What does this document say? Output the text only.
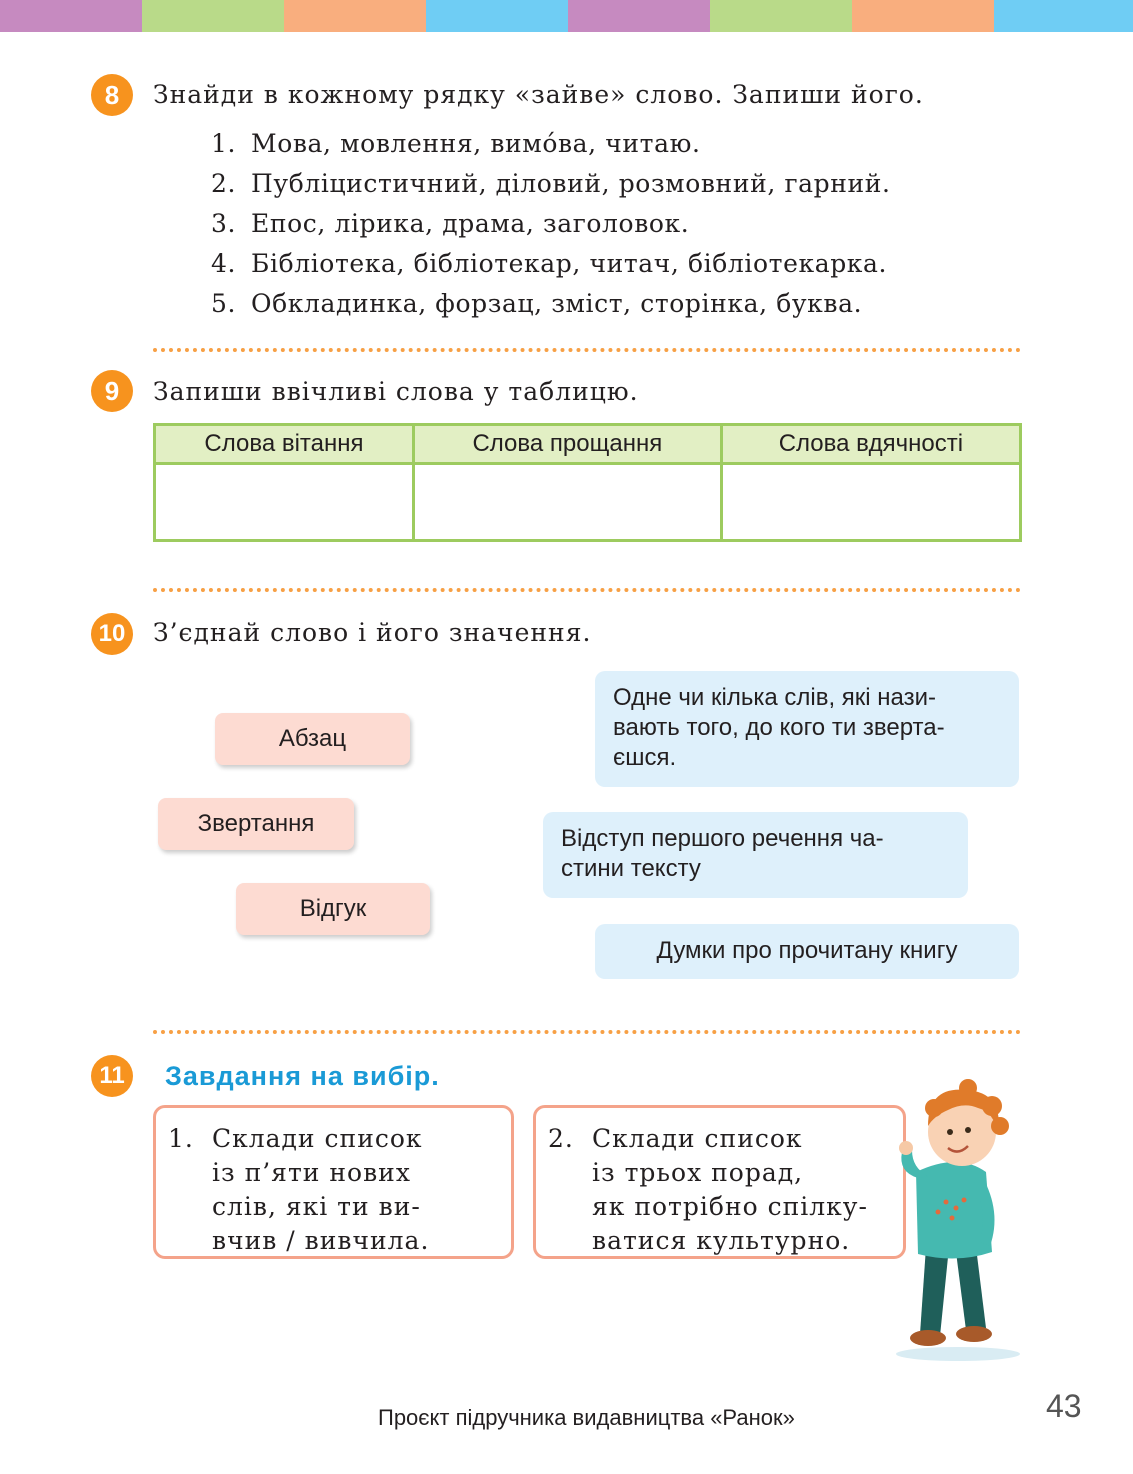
8	Знайди в кожному рядку «зайве» слово. Запиши його.
1. Мова, мовлення, вимо́ва, читаю.
2. Публіцистичний, діловий, розмовний, гарний.
3. Епос, лірика, драма, заголовок.
4. Бібліотека, бібліотекар, читач, бібліотекарка.
5. Обкладинка, форзац, зміст, сторінка, буква.
9	Запиши ввічливі слова у таблицю.
Слова вітання	Слова прощання	Слова вдячності

10	З’єднай слово і його значення.
Абзац
Звертання
Відгук
Одне чи кілька слів, які нази-
вають того, до кого ти зверта-
єшся.
Відступ першого речення ча-
стини тексту
Думки про прочитану книгу
11	Завдання на вибір.
1. Склади список
із п’яти нових
слів, які ти ви-
вчив / вивчила.
2. Склади список
із трьох порад,
як потрібно спілку-
ватися культурно.
Проєкт підручника видавництва «Ранок»	43
